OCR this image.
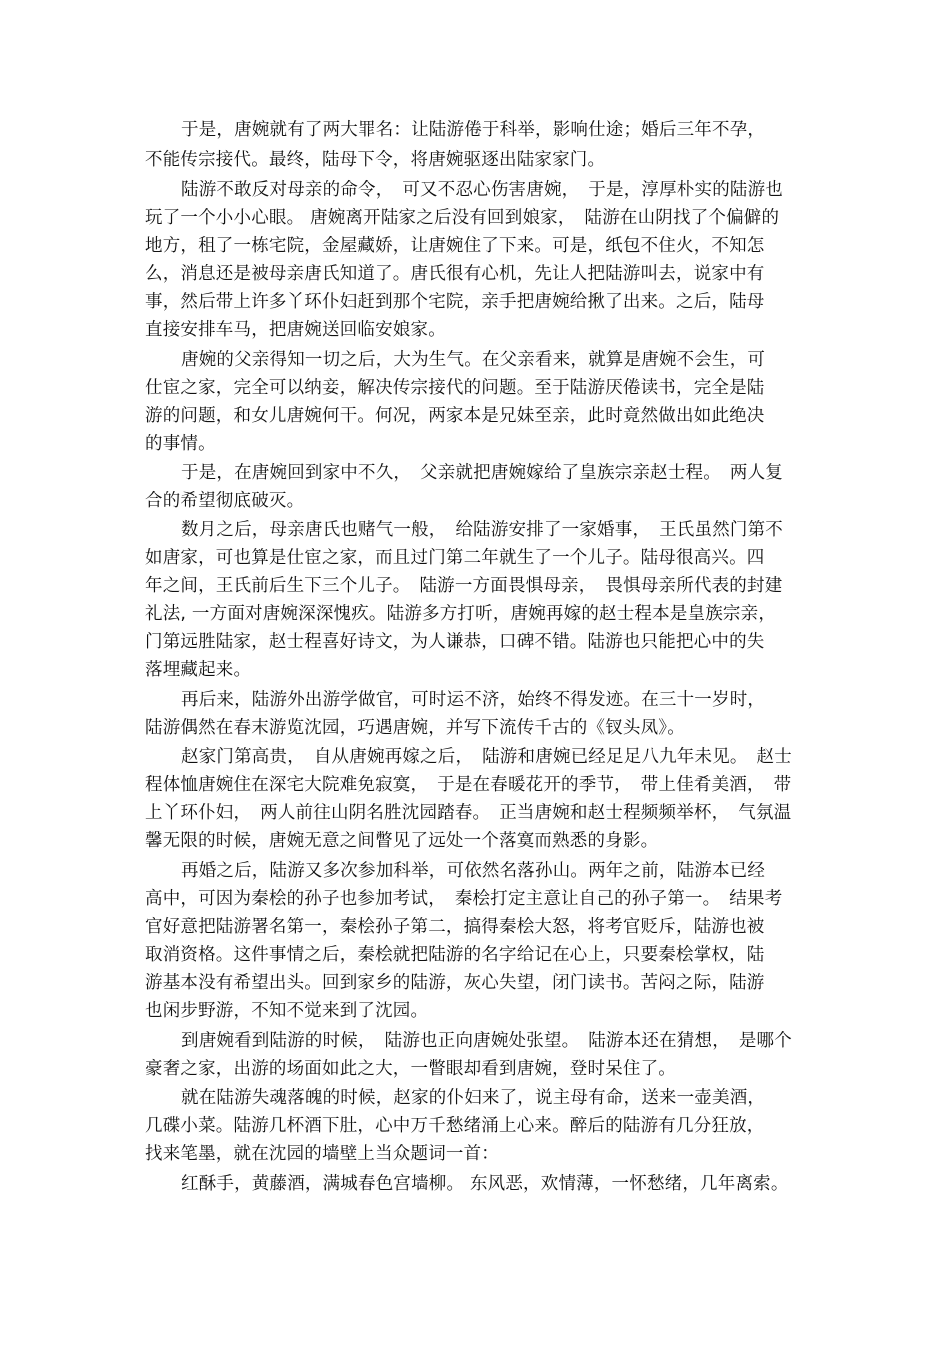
于是，唐婉就有了两大罪名：让陆游倦于科举，影响仕途；婚后三年不孕，
不能传宗接代。最终，陆母下令，将唐婉驱逐出陆家家门。
陆游不敢反对母亲的命令，　可又不忍心伤害唐婉，　于是，淳厚朴实的陆游也
玩了一个小小心眼。 唐婉离开陆家之后没有回到娘家，　陆游在山阴找了个偏僻的
地方，租了一栋宅院，金屋藏娇，让唐婉住了下来。可是，纸包不住火，不知怎
么，消息还是被母亲唐氏知道了。唐氏很有心机，先让人把陆游叫去，说家中有
事，然后带上许多丫环仆妇赶到那个宅院，亲手把唐婉给揪了出来。之后，陆母
直接安排车马，把唐婉送回临安娘家。
唐婉的父亲得知一切之后，大为生气。在父亲看来，就算是唐婉不会生，可
仕宦之家，完全可以纳妾，解决传宗接代的问题。至于陆游厌倦读书，完全是陆
游的问题，和女儿唐婉何干。何况，两家本是兄妹至亲，此时竟然做出如此绝决
的事情。
于是，在唐婉回到家中不久，　父亲就把唐婉嫁给了皇族宗亲赵士程。　两人复
合的希望彻底破灭。
数月之后，母亲唐氏也赌气一般，　给陆游安排了一家婚事，　王氏虽然门第不
如唐家，可也算是仕宦之家，而且过门第二年就生了一个儿子。陆母很高兴。四
年之间，王氏前后生下三个儿子。　陆游一方面畏惧母亲，　畏惧母亲所代表的封建
礼法, 一方面对唐婉深深愧疚。陆游多方打听，唐婉再嫁的赵士程本是皇族宗亲，
门第远胜陆家，赵士程喜好诗文，为人谦恭，口碑不错。陆游也只能把心中的失
落埋藏起来。
再后来，陆游外出游学做官，可时运不济，始终不得发迹。在三十一岁时，
陆游偶然在春末游览沈园，巧遇唐婉，并写下流传千古的《钗头凤》。
赵家门第高贵，　自从唐婉再嫁之后，　陆游和唐婉已经足足八九年未见。　赵士
程体恤唐婉住在深宅大院难免寂寞，　于是在春暖花开的季节，　带上佳肴美酒，　带
上丫环仆妇，　两人前往山阴名胜沈园踏春。　正当唐婉和赵士程频频举杯，　气氛温
馨无限的时候，唐婉无意之间瞥见了远处一个落寞而熟悉的身影。
再婚之后，陆游又多次参加科举，可依然名落孙山。两年之前，陆游本已经
高中，可因为秦桧的孙子也参加考试，　秦桧打定主意让自己的孙子第一。　结果考
官好意把陆游署名第一，秦桧孙子第二，搞得秦桧大怒，将考官贬斥，陆游也被
取消资格。这件事情之后，秦桧就把陆游的名字给记在心上，只要秦桧掌权，陆
游基本没有希望出头。回到家乡的陆游，灰心失望，闭门读书。苦闷之际，陆游
也闲步野游，不知不觉来到了沈园。
到唐婉看到陆游的时候，　陆游也正向唐婉处张望。　陆游本还在猜想，　是哪个
豪奢之家，出游的场面如此之大，一瞥眼却看到唐婉，登时呆住了。
就在陆游失魂落魄的时候，赵家的仆妇来了，说主母有命，送来一壶美酒，
几碟小菜。陆游几杯酒下肚，心中万千愁绪涌上心来。醉后的陆游有几分狂放，
找来笔墨，就在沈园的墙壁上当众题词一首：
红酥手，黄藤酒，满城春色宫墙柳。 东风恶，欢情薄，一怀愁绪，几年离索。
